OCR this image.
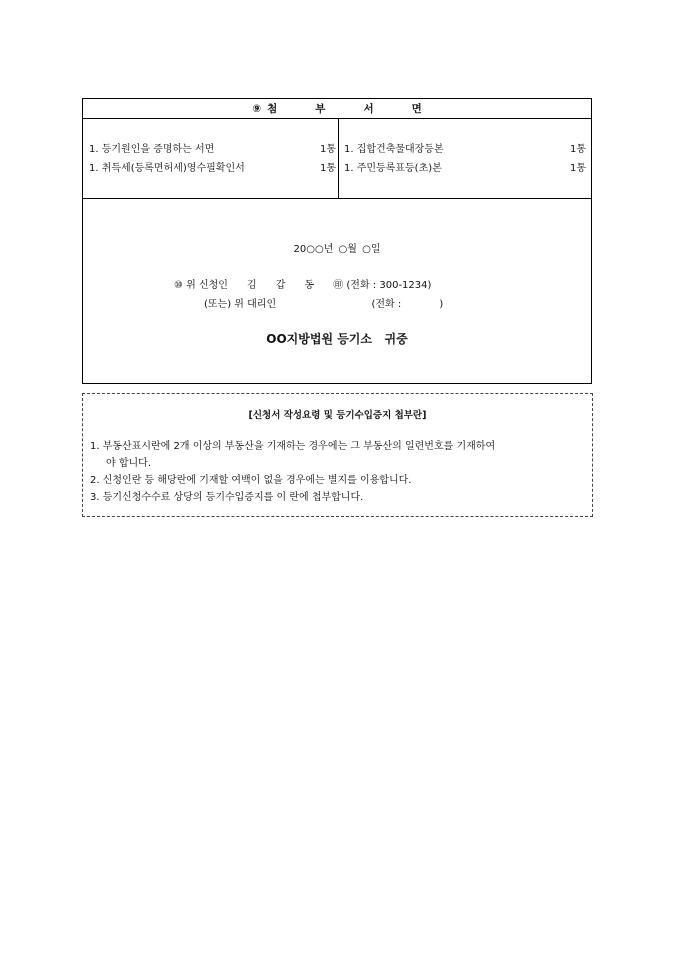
⑨ 첨	부	서	면
1. 등기원인을 증명하는 서면	1통
1. 취득세(등록면허세)영수필확인서	1통
1. 집합건축물대장등본	1통
1. 주민등록표등(초)본	1통
20○○년 ○월 ○일
⑩ 위 신청인      김      갑      동      ㊞ (전화 : 300-1234)
(또는) 위 대리인                              (전화 :            )
OO지방법원 등기소   귀중
[신청서 작성요령 및 등기수입증지 첩부란]
1. 부동산표시란에 2개 이상의 부동산을 기재하는 경우에는 그 부동산의 일련번호를 기재하여
야 합니다.
2. 신청인란 등 해당란에 기재할 여백이 없을 경우에는 별지를 이용합니다.
3. 등기신청수수료 상당의 등기수입증지를 이 란에 첩부합니다.
